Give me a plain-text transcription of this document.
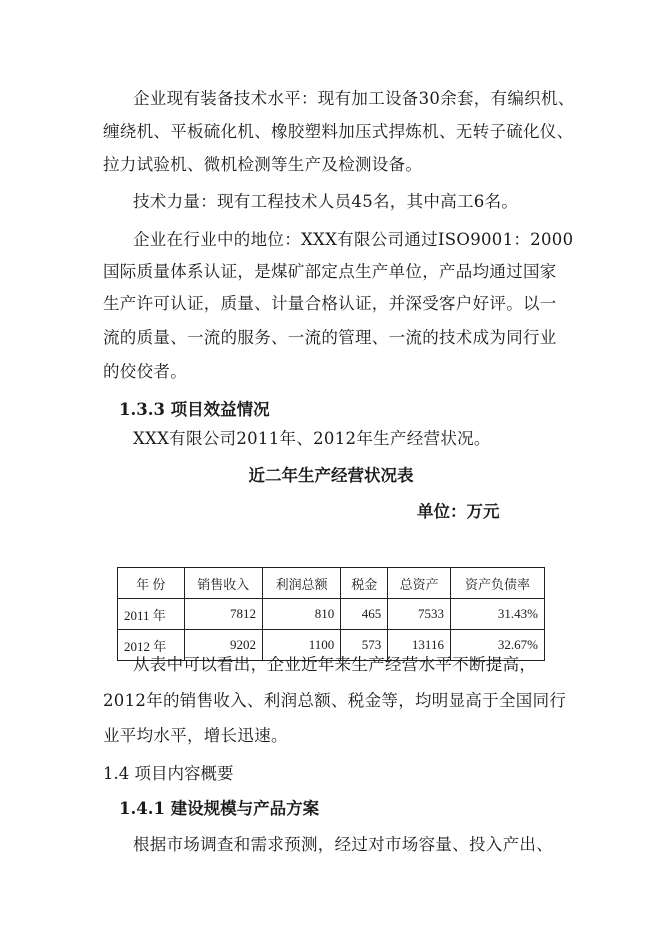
企业现有装备技术水平：现有加工设备30余套，有编织机、
缠绕机、平板硫化机、橡胶塑料加压式捍炼机、无转子硫化仪、
拉力试验机、微机检测等生产及检测设备。
技术力量：现有工程技术人员45名，其中高工6名。
企业在行业中的地位：XXX有限公司通过ISO9001：2000
国际质量体系认证，是煤矿部定点生产单位，产品均通过国家
生产许可认证，质量、计量合格认证，并深受客户好评。以一
流的质量、一流的服务、一流的管理、一流的技术成为同行业
的佼佼者。
1.3.3 项目效益情况
XXX有限公司2011年、2012年生产经营状况。
近二年生产经营状况表
单位：万元
年 份	销售收入	利润总额	税金	总资产	资产负债率
2011 年	7812	810	465	7533	31.43%
2012 年	9202	1100	573	13116	32.67%
从表中可以看出，企业近年来生产经营水平不断提高，
2012年的销售收入、利润总额、税金等，均明显高于全国同行
业平均水平，增长迅速。
1.4 项目内容概要
1.4.1 建设规模与产品方案
根据市场调查和需求预测，经过对市场容量、投入产出、
